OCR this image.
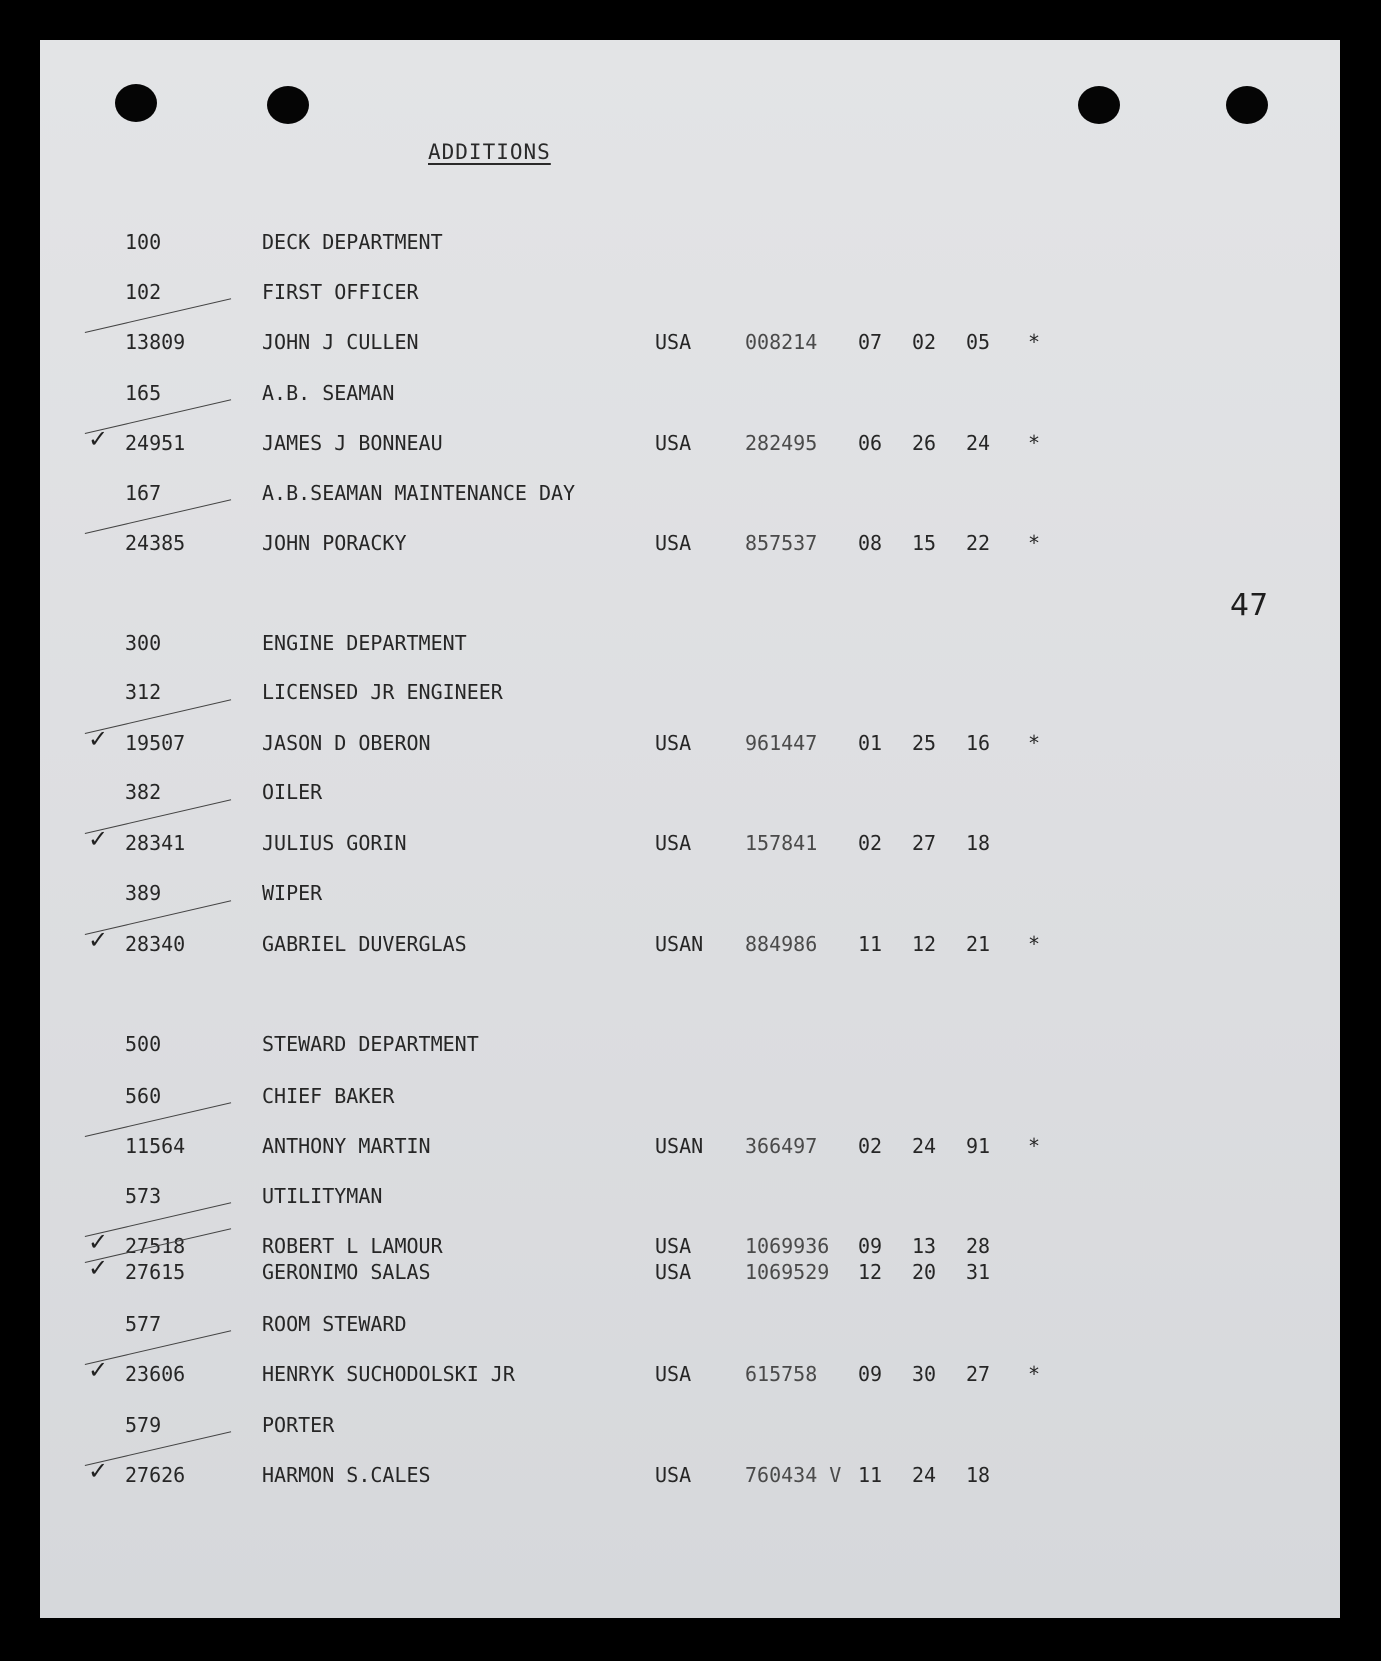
ADDITIONS
47
100	DECK DEPARTMENT
102	FIRST OFFICER
13809	JOHN J CULLEN	USA	008214 07 02 05 *
165	A.B. SEAMAN
✓ 24951	JAMES J BONNEAU	USA	282495 06 26 24 *
167	A.B.SEAMAN MAINTENANCE DAY
24385	JOHN PORACKY	USA	857537 08 15 22 *
300	ENGINE DEPARTMENT
312	LICENSED JR ENGINEER
✓ 19507	JASON D OBERON	USA	961447 01 25 16 *
382	OILER
✓ 28341	JULIUS GORIN	USA	157841 02 27 18
389	WIPER
✓ 28340	GABRIEL DUVERGLAS	USAN 884986 11 12 21 *
500	STEWARD DEPARTMENT
560	CHIEF BAKER
11564	ANTHONY MARTIN	USAN 366497 02 24 91 *
573	UTILITYMAN
✓ 27518	ROBERT L LAMOUR	USA	1069936 09 13 28
✓ 27615	GERONIMO SALAS	USA	1069529 12 20 31
577	ROOM STEWARD
✓ 23606	HENRYK SUCHODOLSKI JR	USA	615758 09 30 27 *
579	PORTER
✓ 27626	HARMON S.CALES	USA	760434 V 11 24 18
